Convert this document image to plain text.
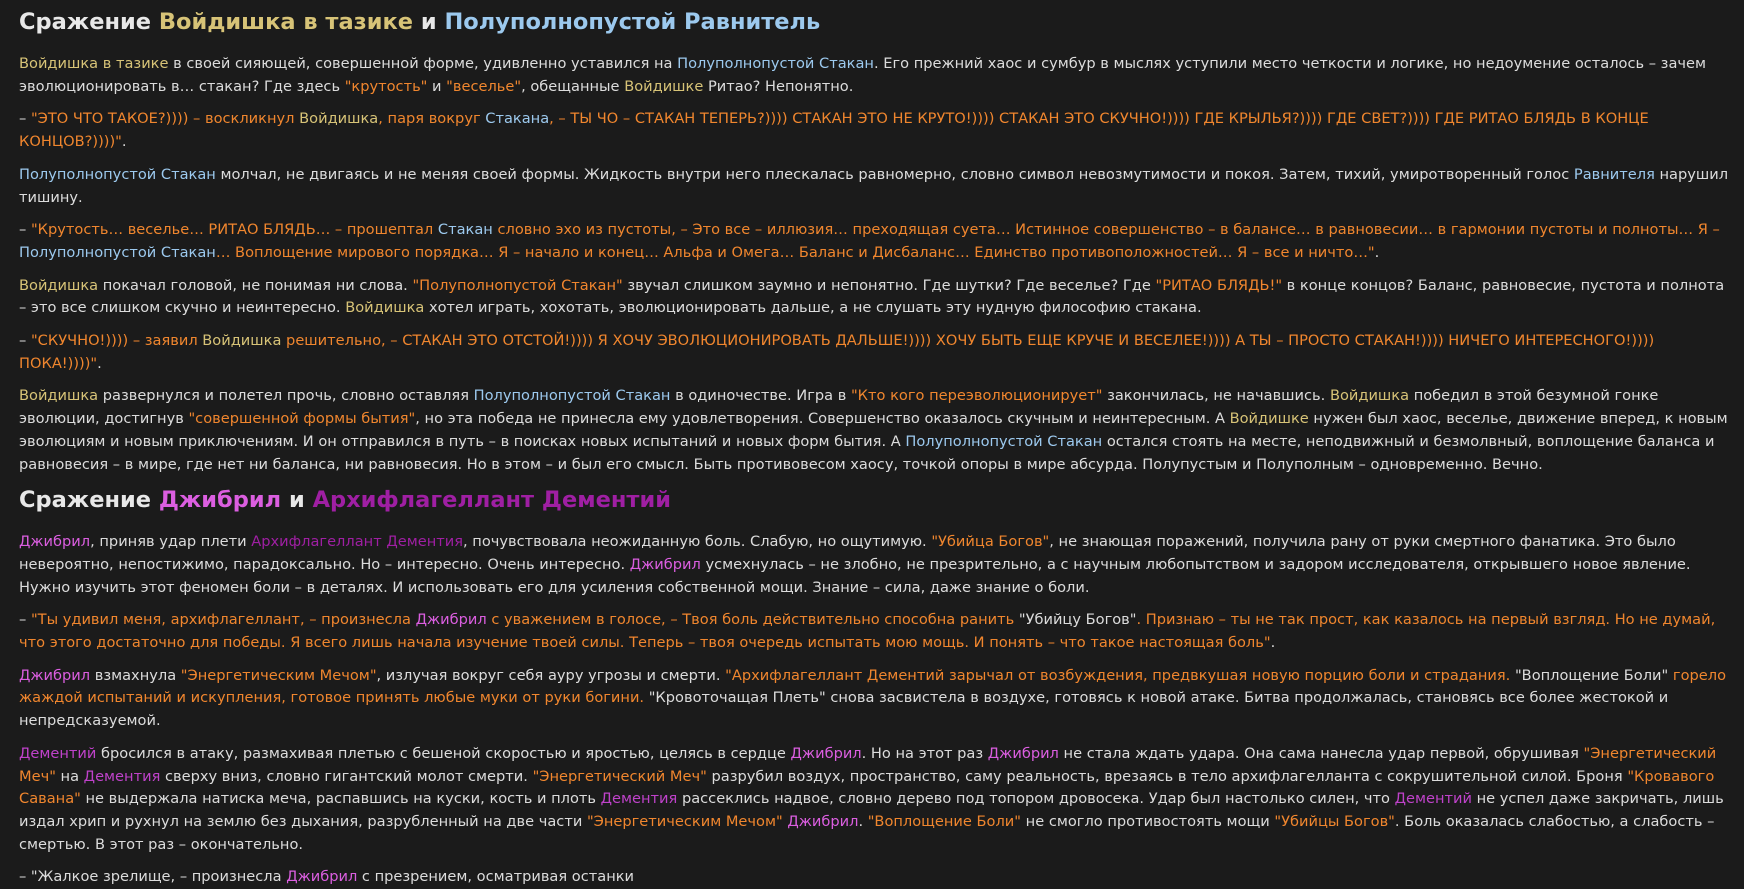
Сражение Войдишка в тазике и Полуполнопустой Равнитель

Войдишка в тазике в своей сияющей, совершенной форме, удивленно уставился на Полуполнопустой Стакан. Его прежний хаос и сумбур в мыслях уступили место четкости и логике, но недоумение осталось – зачем эволюционировать в… стакан? Где здесь "крутость" и "веселье", обещанные Войдишке Ритао? Непонятно.

– "ЭТО ЧТО ТАКОЕ?)))) – воскликнул Войдишка, паря вокруг Стакана, – ТЫ ЧО – СТАКАН ТЕПЕРЬ?)))) СТАКАН ЭТО НЕ КРУТО!)))) СТАКАН ЭТО СКУЧНО!)))) ГДЕ КРЫЛЬЯ?)))) ГДЕ СВЕТ?)))) ГДЕ РИТАО БЛЯДЬ В КОНЦЕ КОНЦОВ?))))".

Полуполнопустой Стакан молчал, не двигаясь и не меняя своей формы. Жидкость внутри него плескалась равномерно, словно символ невозмутимости и покоя. Затем, тихий, умиротворенный голос Равнителя нарушил тишину.

– "Крутость… веселье… РИТАО БЛЯДЬ… – прошептал Стакан словно эхо из пустоты, – Это все – иллюзия… преходящая суета… Истинное совершенство – в балансе… в равновесии… в гармонии пустоты и полноты… Я – Полуполнопустой Стакан… Воплощение мирового порядка… Я – начало и конец… Альфа и Омега… Баланс и Дисбаланс… Единство противоположностей… Я – все и ничто…".

Войдишка покачал головой, не понимая ни слова. "Полуполнопустой Стакан" звучал слишком заумно и непонятно. Где шутки? Где веселье? Где "РИТАО БЛЯДЬ!" в конце концов? Баланс, равновесие, пустота и полнота – это все слишком скучно и неинтересно. Войдишка хотел играть, хохотать, эволюционировать дальше, а не слушать эту нудную философию стакана.

– "СКУЧНО!)))) – заявил Войдишка решительно, – СТАКАН ЭТО ОТСТОЙ!)))) Я ХОЧУ ЭВОЛЮЦИОНИРОВАТЬ ДАЛЬШЕ!)))) ХОЧУ БЫТЬ ЕЩЕ КРУЧЕ И ВЕСЕЛЕЕ!)))) А ТЫ – ПРОСТО СТАКАН!)))) НИЧЕГО ИНТЕРЕСНОГО!)))) ПОКА!))))".

Войдишка развернулся и полетел прочь, словно оставляя Полуполнопустой Стакан в одиночестве. Игра в "Кто кого переэволюционирует" закончилась, не начавшись. Войдишка победил в этой безумной гонке эволюции, достигнув "совершенной формы бытия", но эта победа не принесла ему удовлетворения. Совершенство оказалось скучным и неинтересным. А Войдишке нужен был хаос, веселье, движение вперед, к новым эволюциям и новым приключениям. И он отправился в путь – в поисках новых испытаний и новых форм бытия. А Полуполнопустой Стакан остался стоять на месте, неподвижный и безмолвный, воплощение баланса и равновесия – в мире, где нет ни баланса, ни равновесия. Но в этом – и был его смысл. Быть противовесом хаосу, точкой опоры в мире абсурда. Полупустым и Полуполным – одновременно. Вечно.

Сражение Джибрил и Архифлагеллант Дементий

Джибрил, приняв удар плети Архифлагеллант Дементия, почувствовала неожиданную боль. Слабую, но ощутимую. "Убийца Богов", не знающая поражений, получила рану от руки смертного фанатика. Это было невероятно, непостижимо, парадоксально. Но – интересно. Очень интересно. Джибрил усмехнулась – не злобно, не презрительно, а с научным любопытством и задором исследователя, открывшего новое явление. Нужно изучить этот феномен боли – в деталях. И использовать его для усиления собственной мощи. Знание – сила, даже знание о боли.

– "Ты удивил меня, архифлагеллант, – произнесла Джибрил с уважением в голосе, – Твоя боль действительно способна ранить "Убийцу Богов". Признаю – ты не так прост, как казалось на первый взгляд. Но не думай, что этого достаточно для победы. Я всего лишь начала изучение твоей силы. Теперь – твоя очередь испытать мою мощь. И понять – что такое настоящая боль".

Джибрил взмахнула "Энергетическим Мечом", излучая вокруг себя ауру угрозы и смерти. "Архифлагеллант Дементий зарычал от возбуждения, предвкушая новую порцию боли и страдания. "Воплощение Боли" горело жаждой испытаний и искупления, готовое принять любые муки от руки богини. "Кровоточащая Плеть" снова засвистела в воздухе, готовясь к новой атаке. Битва продолжалась, становясь все более жестокой и непредсказуемой.

Дементий бросился в атаку, размахивая плетью с бешеной скоростью и яростью, целясь в сердце Джибрил. Но на этот раз Джибрил не стала ждать удара. Она сама нанесла удар первой, обрушивая "Энергетический Меч" на Дементия сверху вниз, словно гигантский молот смерти. "Энергетический Меч" разрубил воздух, пространство, саму реальность, врезаясь в тело архифлагелланта с сокрушительной силой. Броня "Кровавого Савана" не выдержала натиска меча, распавшись на куски, кость и плоть Дементия рассеклись надвое, словно дерево под топором дровосека. Удар был настолько силен, что Дементий не успел даже закричать, лишь издал хрип и рухнул на землю без дыхания, разрубленный на две части "Энергетическим Мечом" Джибрил. "Воплощение Боли" не смогло противостоять мощи "Убийцы Богов". Боль оказалась слабостью, а слабость – смертью. В этот раз – окончательно.

– "Жалкое зрелище, – произнесла Джибрил с презрением, осматривая останки
